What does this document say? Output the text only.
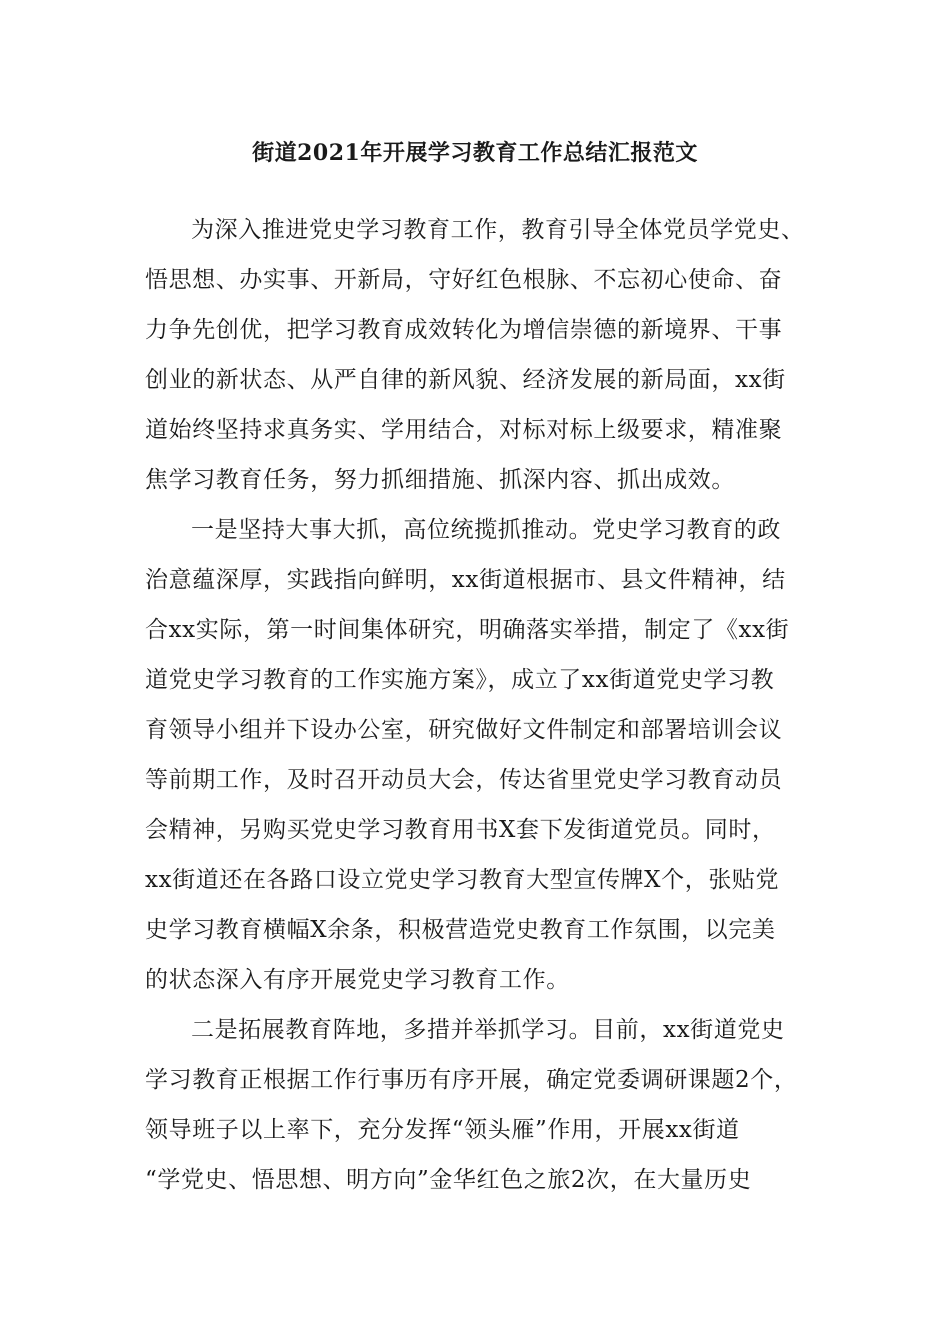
街道2021年开展学习教育工作总结汇报范文
为深入推进党史学习教育工作，教育引导全体党员学党史、
悟思想、办实事、开新局，守好红色根脉、不忘初心使命、奋
力争先创优，把学习教育成效转化为增信崇德的新境界、干事
创业的新状态、从严自律的新风貌、经济发展的新局面，xx街
道始终坚持求真务实、学用结合，对标对标上级要求，精准聚
焦学习教育任务，努力抓细措施、抓深内容、抓出成效。
一是坚持大事大抓，高位统揽抓推动。党史学习教育的政
治意蕴深厚，实践指向鲜明，xx街道根据市、县文件精神，结
合xx实际，第一时间集体研究，明确落实举措，制定了《xx街
道党史学习教育的工作实施方案》，成立了xx街道党史学习教
育领导小组并下设办公室，研究做好文件制定和部署培训会议
等前期工作，及时召开动员大会，传达省里党史学习教育动员
会精神，另购买党史学习教育用书X套下发街道党员。同时，
xx街道还在各路口设立党史学习教育大型宣传牌X个，张贴党
史学习教育横幅X余条，积极营造党史教育工作氛围，以完美
的状态深入有序开展党史学习教育工作。
二是拓展教育阵地，多措并举抓学习。目前，xx街道党史
学习教育正根据工作行事历有序开展，确定党委调研课题2个，
领导班子以上率下，充分发挥“领头雁”作用，开展xx街道
“学党史、悟思想、明方向”金华红色之旅2次，在大量历史
